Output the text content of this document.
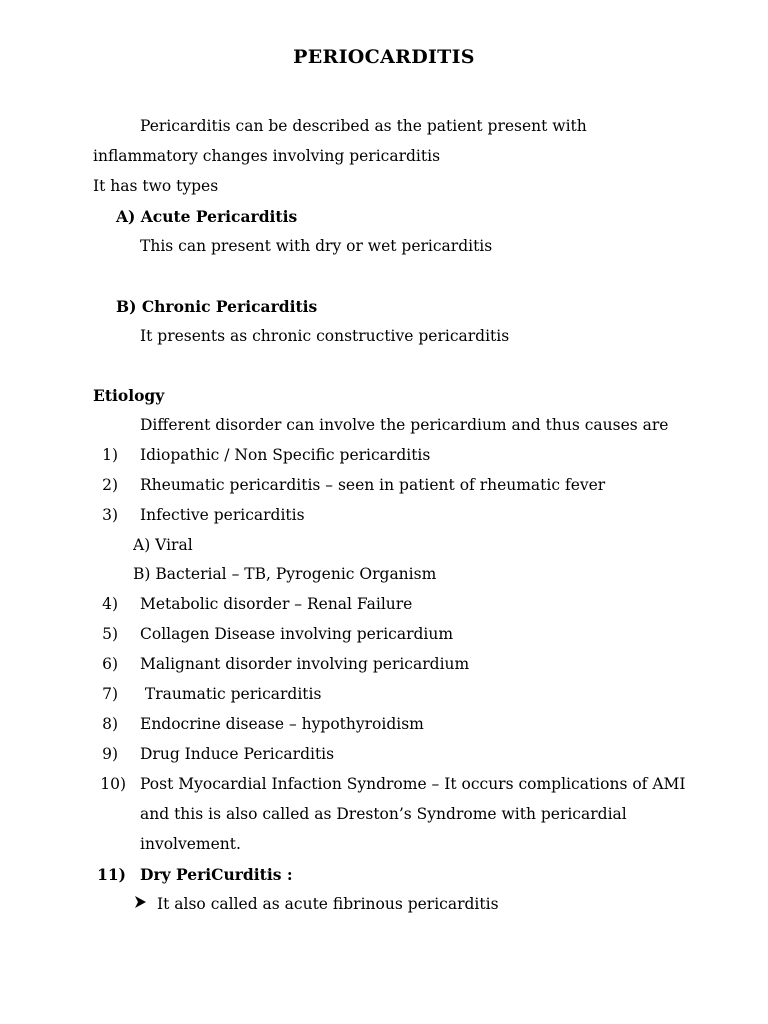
PERIOCARDITIS
Pericarditis can be described as the patient present with
inflammatory changes involving pericarditis
It has two types
A) Acute Pericarditis
This can present with dry or wet pericarditis
B) Chronic Pericarditis
It presents as chronic constructive pericarditis
Etiology
Different disorder can involve the pericardium and thus causes are
1) Idiopathic / Non Specific pericarditis
2) Rheumatic pericarditis – seen in patient of rheumatic fever
3) Infective pericarditis
A) Viral
B) Bacterial – TB, Pyrogenic Organism
4) Metabolic disorder – Renal Failure
5) Collagen Disease involving pericardium
6) Malignant disorder involving pericardium
7) Traumatic pericarditis
8) Endocrine disease – hypothyroidism
9) Drug Induce Pericarditis
10) Post Myocardial Infaction Syndrome – It occurs complications of AMI
and this is also called as Dreston’s Syndrome with pericardial
involvement.
11) Dry PeriCurditis :
It also called as acute fibrinous pericarditis
